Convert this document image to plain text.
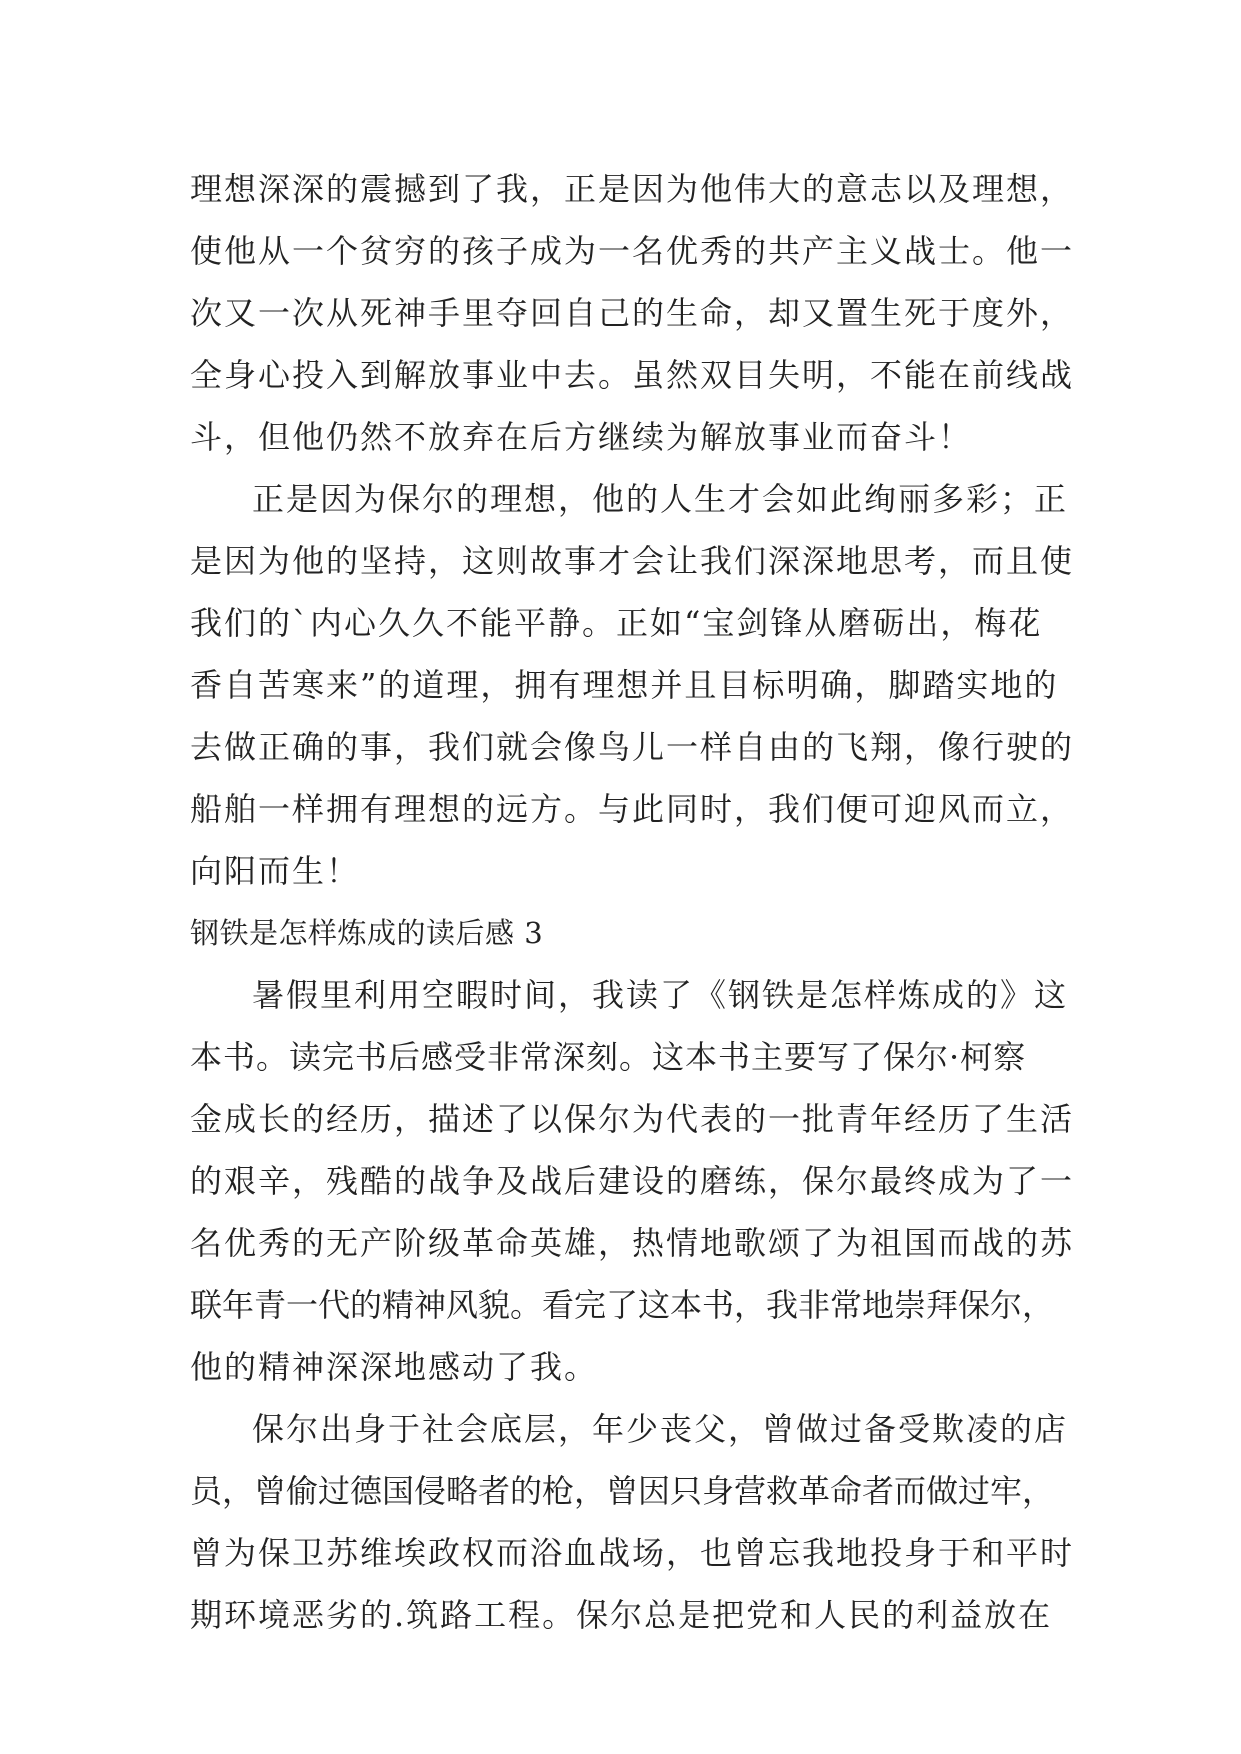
理想深深的震撼到了我，正是因为他伟大的意志以及理想，
使他从一个贫穷的孩子成为一名优秀的共产主义战士。他一
次又一次从死神手里夺回自己的生命，却又置生死于度外，
全身心投入到解放事业中去。虽然双目失明，不能在前线战
斗，但他仍然不放弃在后方继续为解放事业而奋斗！
正是因为保尔的理想，他的人生才会如此绚丽多彩；正
是因为他的坚持，这则故事才会让我们深深地思考，而且使
我们的`内心久久不能平静。正如“宝剑锋从磨砺出，梅花
香自苦寒来”的道理，拥有理想并且目标明确，脚踏实地的
去做正确的事，我们就会像鸟儿一样自由的飞翔，像行驶的
船舶一样拥有理想的远方。与此同时，我们便可迎风而立，
向阳而生！
钢铁是怎样炼成的读后感 3
暑假里利用空暇时间，我读了《钢铁是怎样炼成的》这
本书。读完书后感受非常深刻。这本书主要写了保尔·柯察
金成长的经历，描述了以保尔为代表的一批青年经历了生活
的艰辛，残酷的战争及战后建设的磨练，保尔最终成为了一
名优秀的无产阶级革命英雄，热情地歌颂了为祖国而战的苏
联年青一代的精神风貌。看完了这本书，我非常地崇拜保尔，
他的精神深深地感动了我。
保尔出身于社会底层，年少丧父，曾做过备受欺凌的店
员，曾偷过德国侵略者的枪，曾因只身营救革命者而做过牢，
曾为保卫苏维埃政权而浴血战场，也曾忘我地投身于和平时
期环境恶劣的.筑路工程。保尔总是把党和人民的利益放在
